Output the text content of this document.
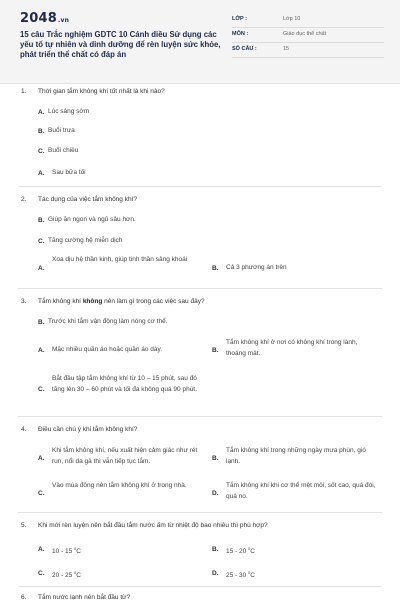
2048.vn
15 câu Trắc nghiệm GDTC 10 Cánh diều Sử dụng các yếu tố tự nhiên và dinh dưỡng để rèn luyện sức khỏe, phát triển thể chất có đáp án
LỚP :	Lớp 10
MÔN :	Giáo dục thể chất
SỐ CÂU :	15
1. Thời gian tắm không khí tốt nhất là khi nào?
A. Lúc sáng sớm
B. Buổi trưa
C. Buổi chiều
A. Sau bữa tối
2. Tác dụng của việc tắm không khí?
B. Giúp ăn ngon và ngủ sâu hơn.
C. Tăng cường hệ miễn dịch
A.
Xoa dịu hệ thần kinh, giúp tinh thần sảng khoái
B. Cả 3 phương án trên
3. Tắm không khí không nên làm gì trong các việc sau đây?
B. Trước khi tắm vận động làm nóng cơ thể.
A. Mặc nhiều quần áo hoặc quần áo dày.	B.
Tắm không khí ở nơi có không khí trong lành, thoáng mát.
C.
Bắt đầu tập tắm không khí từ 10 – 15 phút, sau đó tăng lên 30 – 60 phút và tối đa không quá 90 phút.
4. Điều cần chú ý khi tắm không khí?
A.
Khi tắm không khí, nếu xuất hiện cảm giác như rét run, nổi da gà thì vẫn tiếp tục tắm.	B.
Tắm không khí trong những ngày mưa phùn, gió lạnh.
C.
Vào mùa đông nên tắm không khí ở trong nhà.
D.
Tắm không khí khi cơ thể mệt mỏi, sốt cao, quá đói, quá no.
5. Khi mới rèn luyện nên bắt đầu tắm nước ấm từ nhiệt độ bao nhiêu thì phù hợp?
A. 10 - 15 $^0$C	B. 15 - 20 $^0$C
C. 20 - 25 $^0$C	D. 25 - 30 $^0$C
6. Tắm nước lạnh nên bắt đầu từ?
